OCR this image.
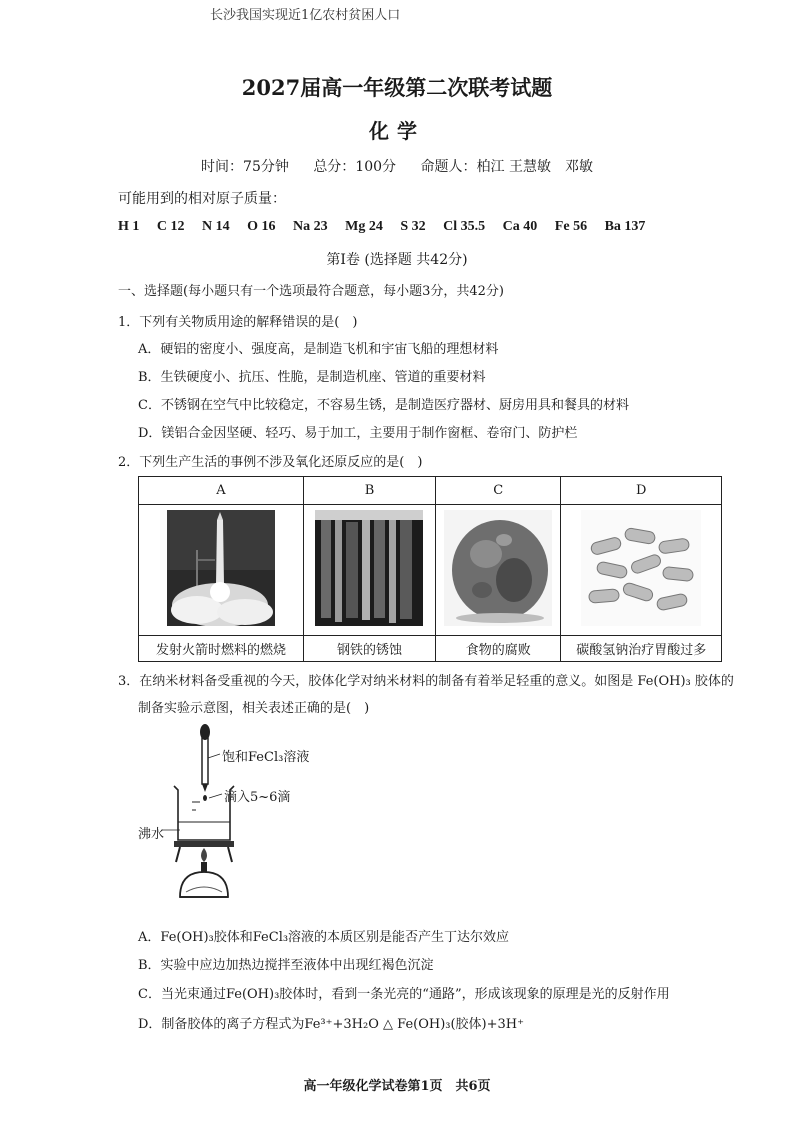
长沙我国实现近1亿农村贫困人口
2027届高一年级第二次联考试题
化学
时间：75分钟 总分：100分 命题人：柏江 王慧敏　邓敏
可能用到的相对原子质量：
H 1 C 12 N 14 O 16 Na 23 Mg 24 S 32 Cl 35.5 Ca 40 Fe 56 Ba 137
第Ⅰ卷 (选择题 共42分)
一、选择题(每小题只有一个选项最符合题意，每小题3分，共42分)
1．下列有关物质用途的解释错误的是(　)
A．硬铝的密度小、强度高，是制造飞机和宇宙飞船的理想材料
B．生铁硬度小、抗压、性脆，是制造机座、管道的重要材料
C．不锈钢在空气中比较稳定，不容易生锈，是制造医疗器材、厨房用具和餐具的材料
D．镁铝合金因坚硬、轻巧、易于加工，主要用于制作窗框、卷帘门、防护栏
2．下列生产生活的事例不涉及氧化还原反应的是(　)
A	B	C	D

发射火箭时燃料的燃烧	钢铁的锈蚀	食物的腐败	碳酸氢钠治疗胃酸过多
3．在纳米材料备受重视的今天，胶体化学对纳米材料的制备有着举足轻重的意义。如图是 Fe(OH)₃ 胶体的
制备实验示意图，相关表述正确的是(　)
饱和FeCl₃溶液
滴入5~6滴
沸水
A．Fe(OH)₃胶体和FeCl₃溶液的本质区别是能否产生丁达尔效应
B．实验中应边加热边搅拌至液体中出现红褐色沉淀
C．当光束通过Fe(OH)₃胶体时，看到一条光亮的“通路”，形成该现象的原理是光的反射作用
D．制备胶体的离子方程式为Fe³⁺+3H₂O △ Fe(OH)₃(胶体)+3H⁺
高一年级化学试卷第1页　共6页
